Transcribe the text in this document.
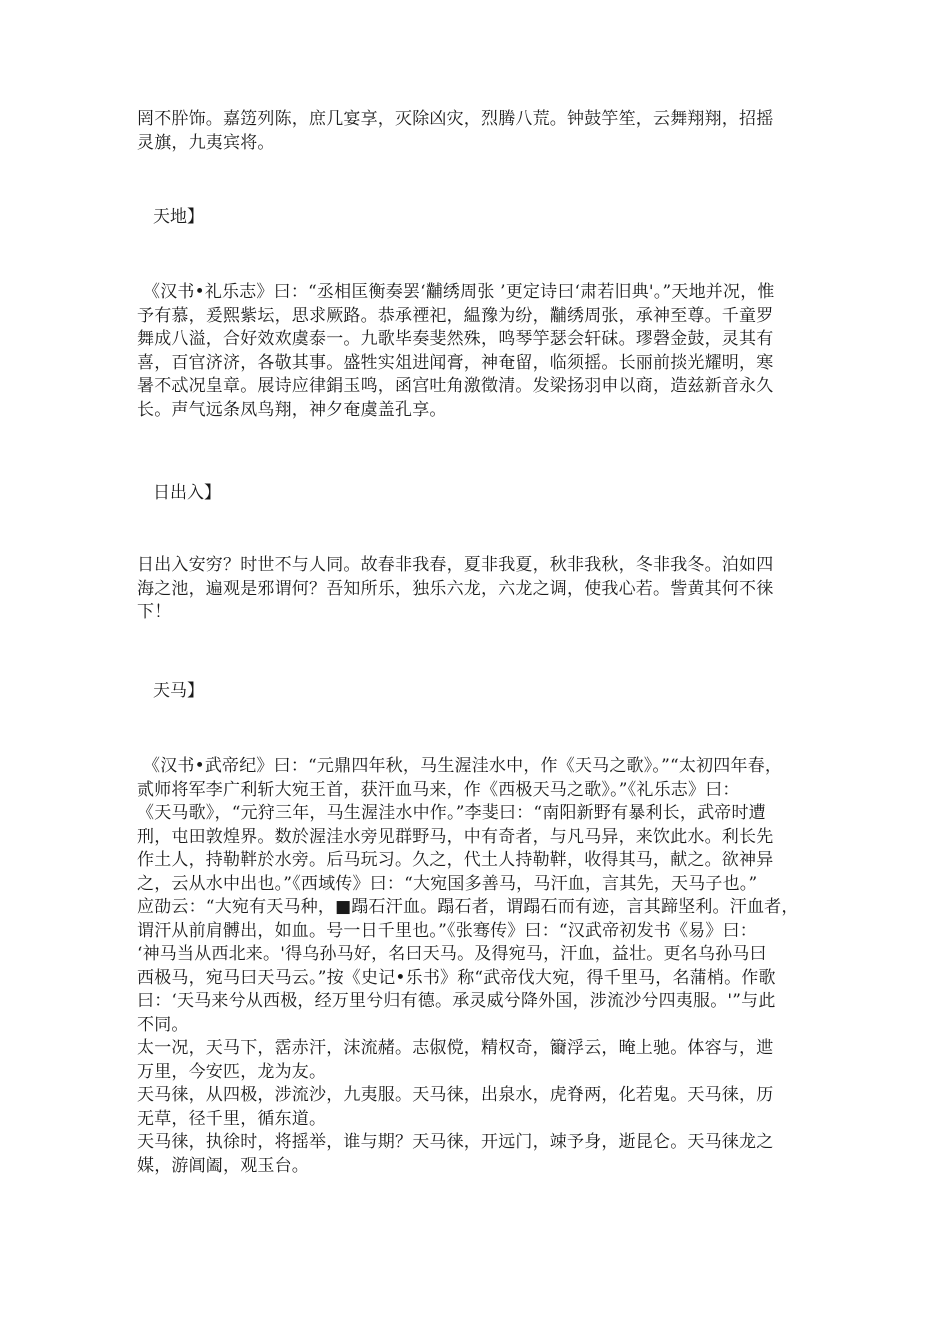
罔不肸饰。嘉笾列陈，庶几宴享，灭除凶灾，烈腾八荒。钟鼓竽笙，云舞翔翔，招摇
灵旗，九夷宾将。
天地】
《汉书•礼乐志》曰：“丞相匡衡奏罢‘黼绣周张 ’更定诗曰‘肃若旧典'。”天地并况，惟
予有慕，爰熙紫坛，思求厥路。恭承禋祀，緼豫为纷，黼绣周张，承神至尊。千童罗
舞成八溢，合好效欢虞泰一。九歌毕奏斐然殊，鸣琴竽瑟会轩砞。璆磬金鼓，灵其有
喜，百官济济，各敬其事。盛牲实俎进闻膏，神奄留，临须摇。长丽前掞光耀明，寒
暑不忒况皇章。展诗应律鋗玉鸣，函宫吐角激徵清。发梁扬羽申以商，造兹新音永久
长。声气远条凤鸟翔，神夕奄虞盖孔享。
日出入】
日出入安穷？时世不与人同。故春非我春，夏非我夏，秋非我秋，冬非我冬。泊如四
海之池，遍观是邪谓何？吾知所乐，独乐六龙，六龙之调，使我心若。訾黄其何不徕
下！
天马】
《汉书•武帝纪》曰：“元鼎四年秋，马生渥洼水中，作《天马之歌》。”“太初四年春，
贰师将军李广利斩大宛王首，获汗血马来，作《西极天马之歌》。”《礼乐志》曰：
《天马歌》，“元狩三年，马生渥洼水中作。”李斐曰：“南阳新野有暴利长，武帝时遭
刑，屯田敦煌界。数於渥洼水旁见群野马，中有奇者，与凡马异，来饮此水。利长先
作土人，持勒靽於水旁。后马玩习。久之，代土人持勒靽，收得其马，献之。欲神异
之，云从水中出也。”《西域传》曰：“大宛国多善马，马汗血，言其先，天马子也。”
应劭云：“大宛有天马种，■蹋石汗血。蹋石者，谓蹋石而有迹，言其蹄坚利。汗血者，
谓汗从前肩髆出，如血。号一日千里也。”《张骞传》曰：“汉武帝初发书《易》曰：
‘神马当从西北来。'得乌孙马好，名曰天马。及得宛马，汗血，益壮。更名乌孙马曰
西极马，宛马曰天马云。”按《史记•乐书》称“武帝伐大宛，得千里马，名蒲梢。作歌
曰：‘天马来兮从西极，经万里兮归有德。承灵威兮降外国，涉流沙兮四夷服。'”与此
不同。
太一况，天马下，霑赤汗，沫流赭。志俶傥，精权奇，籋浮云，晻上驰。体容与，迣
万里，今安匹，龙为友。
天马徕，从四极，涉流沙，九夷服。天马徕，出泉水，虎脊两，化若鬼。天马徕，历
无草，径千里，循东道。
天马徕，执徐时，将摇举，谁与期？天马徕，开远门，竦予身，逝昆仑。天马徕龙之
媒，游阊阖，观玉台。
